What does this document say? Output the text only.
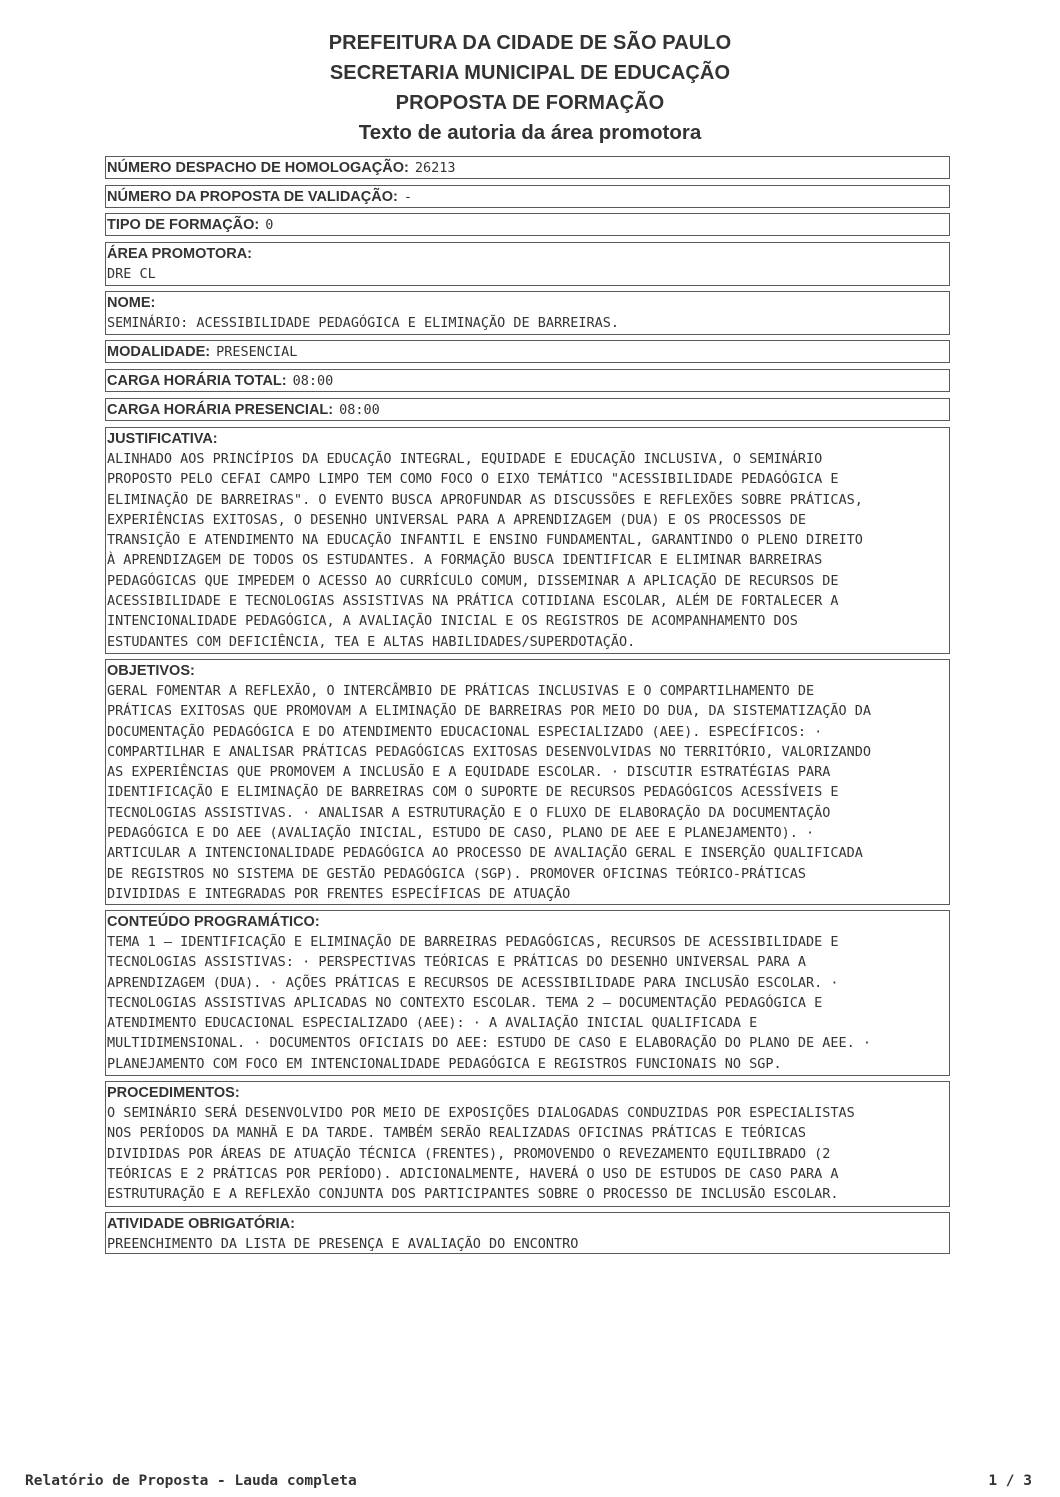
PREFEITURA DA CIDADE DE SÃO PAULO
SECRETARIA MUNICIPAL DE EDUCAÇÃO
PROPOSTA DE FORMAÇÃO
Texto de autoria da área promotora
NÚMERO DESPACHO DE HOMOLOGAÇÃO: 26213
NÚMERO DA PROPOSTA DE VALIDAÇÃO: -
TIPO DE FORMAÇÃO: 0
ÁREA PROMOTORA:
DRE CL
NOME:
SEMINÁRIO: ACESSIBILIDADE PEDAGÓGICA E ELIMINAÇÃO DE BARREIRAS.
MODALIDADE: PRESENCIAL
CARGA HORÁRIA TOTAL: 08:00
CARGA HORÁRIA PRESENCIAL: 08:00
JUSTIFICATIVA:
ALINHADO AOS PRINCÍPIOS DA EDUCAÇÃO INTEGRAL, EQUIDADE E EDUCAÇÃO INCLUSIVA, O SEMINÁRIO
PROPOSTO PELO CEFAI CAMPO LIMPO TEM COMO FOCO O EIXO TEMÁTICO "ACESSIBILIDADE PEDAGÓGICA E
ELIMINAÇÃO DE BARREIRAS". O EVENTO BUSCA APROFUNDAR AS DISCUSSÕES E REFLEXÕES SOBRE PRÁTICAS,
EXPERIÊNCIAS EXITOSAS, O DESENHO UNIVERSAL PARA A APRENDIZAGEM (DUA) E OS PROCESSOS DE
TRANSIÇÃO E ATENDIMENTO NA EDUCAÇÃO INFANTIL E ENSINO FUNDAMENTAL, GARANTINDO O PLENO DIREITO
À APRENDIZAGEM DE TODOS OS ESTUDANTES. A FORMAÇÃO BUSCA IDENTIFICAR E ELIMINAR BARREIRAS
PEDAGÓGICAS QUE IMPEDEM O ACESSO AO CURRÍCULO COMUM, DISSEMINAR A APLICAÇÃO DE RECURSOS DE
ACESSIBILIDADE E TECNOLOGIAS ASSISTIVAS NA PRÁTICA COTIDIANA ESCOLAR, ALÉM DE FORTALECER A
INTENCIONALIDADE PEDAGÓGICA, A AVALIAÇÃO INICIAL E OS REGISTROS DE ACOMPANHAMENTO DOS
ESTUDANTES COM DEFICIÊNCIA, TEA E ALTAS HABILIDADES/SUPERDOTAÇÃO.
OBJETIVOS:
GERAL FOMENTAR A REFLEXÃO, O INTERCÂMBIO DE PRÁTICAS INCLUSIVAS E O COMPARTILHAMENTO DE
PRÁTICAS EXITOSAS QUE PROMOVAM A ELIMINAÇÃO DE BARREIRAS POR MEIO DO DUA, DA SISTEMATIZAÇÃO DA
DOCUMENTAÇÃO PEDAGÓGICA E DO ATENDIMENTO EDUCACIONAL ESPECIALIZADO (AEE). ESPECÍFICOS: ·
COMPARTILHAR E ANALISAR PRÁTICAS PEDAGÓGICAS EXITOSAS DESENVOLVIDAS NO TERRITÓRIO, VALORIZANDO
AS EXPERIÊNCIAS QUE PROMOVEM A INCLUSÃO E A EQUIDADE ESCOLAR. · DISCUTIR ESTRATÉGIAS PARA
IDENTIFICAÇÃO E ELIMINAÇÃO DE BARREIRAS COM O SUPORTE DE RECURSOS PEDAGÓGICOS ACESSÍVEIS E
TECNOLOGIAS ASSISTIVAS. · ANALISAR A ESTRUTURAÇÃO E O FLUXO DE ELABORAÇÃO DA DOCUMENTAÇÃO
PEDAGÓGICA E DO AEE (AVALIAÇÃO INICIAL, ESTUDO DE CASO, PLANO DE AEE E PLANEJAMENTO). ·
ARTICULAR A INTENCIONALIDADE PEDAGÓGICA AO PROCESSO DE AVALIAÇÃO GERAL E INSERÇÃO QUALIFICADA
DE REGISTROS NO SISTEMA DE GESTÃO PEDAGÓGICA (SGP). PROMOVER OFICINAS TEÓRICO-PRÁTICAS
DIVIDIDAS E INTEGRADAS POR FRENTES ESPECÍFICAS DE ATUAÇÃO
CONTEÚDO PROGRAMÁTICO:
TEMA 1 — IDENTIFICAÇÃO E ELIMINAÇÃO DE BARREIRAS PEDAGÓGICAS, RECURSOS DE ACESSIBILIDADE E
TECNOLOGIAS ASSISTIVAS: · PERSPECTIVAS TEÓRICAS E PRÁTICAS DO DESENHO UNIVERSAL PARA A
APRENDIZAGEM (DUA). · AÇÕES PRÁTICAS E RECURSOS DE ACESSIBILIDADE PARA INCLUSÃO ESCOLAR. ·
TECNOLOGIAS ASSISTIVAS APLICADAS NO CONTEXTO ESCOLAR. TEMA 2 — DOCUMENTAÇÃO PEDAGÓGICA E
ATENDIMENTO EDUCACIONAL ESPECIALIZADO (AEE): · A AVALIAÇÃO INICIAL QUALIFICADA E
MULTIDIMENSIONAL. · DOCUMENTOS OFICIAIS DO AEE: ESTUDO DE CASO E ELABORAÇÃO DO PLANO DE AEE. ·
PLANEJAMENTO COM FOCO EM INTENCIONALIDADE PEDAGÓGICA E REGISTROS FUNCIONAIS NO SGP.
PROCEDIMENTOS:
O SEMINÁRIO SERÁ DESENVOLVIDO POR MEIO DE EXPOSIÇÕES DIALOGADAS CONDUZIDAS POR ESPECIALISTAS
NOS PERÍODOS DA MANHÃ E DA TARDE. TAMBÉM SERÃO REALIZADAS OFICINAS PRÁTICAS E TEÓRICAS
DIVIDIDAS POR ÁREAS DE ATUAÇÃO TÉCNICA (FRENTES), PROMOVENDO O REVEZAMENTO EQUILIBRADO (2
TEÓRICAS E 2 PRÁTICAS POR PERÍODO). ADICIONALMENTE, HAVERÁ O USO DE ESTUDOS DE CASO PARA A
ESTRUTURAÇÃO E A REFLEXÃO CONJUNTA DOS PARTICIPANTES SOBRE O PROCESSO DE INCLUSÃO ESCOLAR.
ATIVIDADE OBRIGATÓRIA:
PREENCHIMENTO DA LISTA DE PRESENÇA E AVALIAÇÃO DO ENCONTRO
Relatório de Proposta - Lauda completa	1 / 3
